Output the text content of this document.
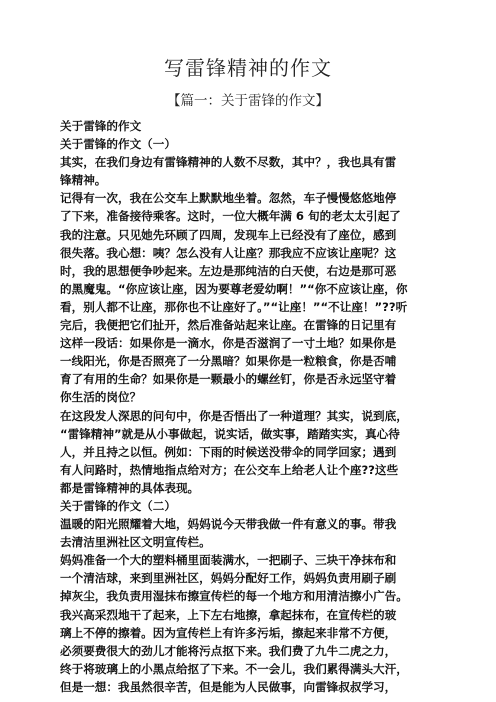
写雷锋精神的作文
【篇一：关于雷锋的作文】
关于雷锋的作文
关于雷锋的作文（一）
其实，在我们身边有雷锋精神的人数不尽数，其中？，我也具有雷
锋精神。
记得有一次，我在公交车上默默地坐着。忽然，车子慢慢悠悠地停
了下来，准备接待乘客。这时，一位大概年满 6 旬的老太太引起了
我的注意。只见她先环顾了四周，发现车上已经没有了座位，感到
很失落。我心想：咦？怎么没有人让座？那我应不应该让座呢？这
时，我的思想便争吵起来。左边是那纯洁的白天使，右边是那可恶
的黑魔鬼。“你应该让座，因为要尊老爱幼啊！”“你不应该让座，你
看，别人都不让座，那你也不让座好了。”“让座！”“不让座！”??听
完后，我便把它们扯开，然后准备站起来让座。在雷锋的日记里有
这样一段话：如果你是一滴水，你是否滋润了一寸土地？如果你是
一线阳光，你是否照亮了一分黑暗？如果你是一粒粮食，你是否哺
育了有用的生命？如果你是一颗最小的螺丝钉，你是否永远坚守着
你生活的岗位？
在这段发人深思的问句中，你是否悟出了一种道理？其实，说到底，
“雷锋精神”就是从小事做起，说实话，做实事，踏踏实实，真心待
人，并且持之以恒。例如：下雨的时候送没带伞的同学回家；遇到
有人问路时，热情地指点给对方；在公交车上给老人让个座??这些
都是雷锋精神的具体表现。
关于雷锋的作文（二）
温暖的阳光照耀着大地，妈妈说今天带我做一件有意义的事。带我
去清洁里洲社区文明宣传栏。
妈妈准备一个大的塑料桶里面装满水，一把刷子、三块干净抹布和
一个清洁球，来到里洲社区，妈妈分配好工作，妈妈负责用刷子刷
掉灰尘，我负责用湿抹布擦宣传栏的每一个地方和用清洁擦小广告。
我兴高采烈地干了起来，上下左右地擦，拿起抹布，在宣传栏的玻
璃上不停的擦着。因为宣传栏上有许多污垢，擦起来非常不方便，
必须要费很大的劲儿才能将污点抠下来。我们费了九牛二虎之力，
终于将玻璃上的小黑点给抠了下来。不一会儿，我们累得满头大汗，
但是一想：我虽然很辛苦，但是能为人民做事，向雷锋叔叔学习，
